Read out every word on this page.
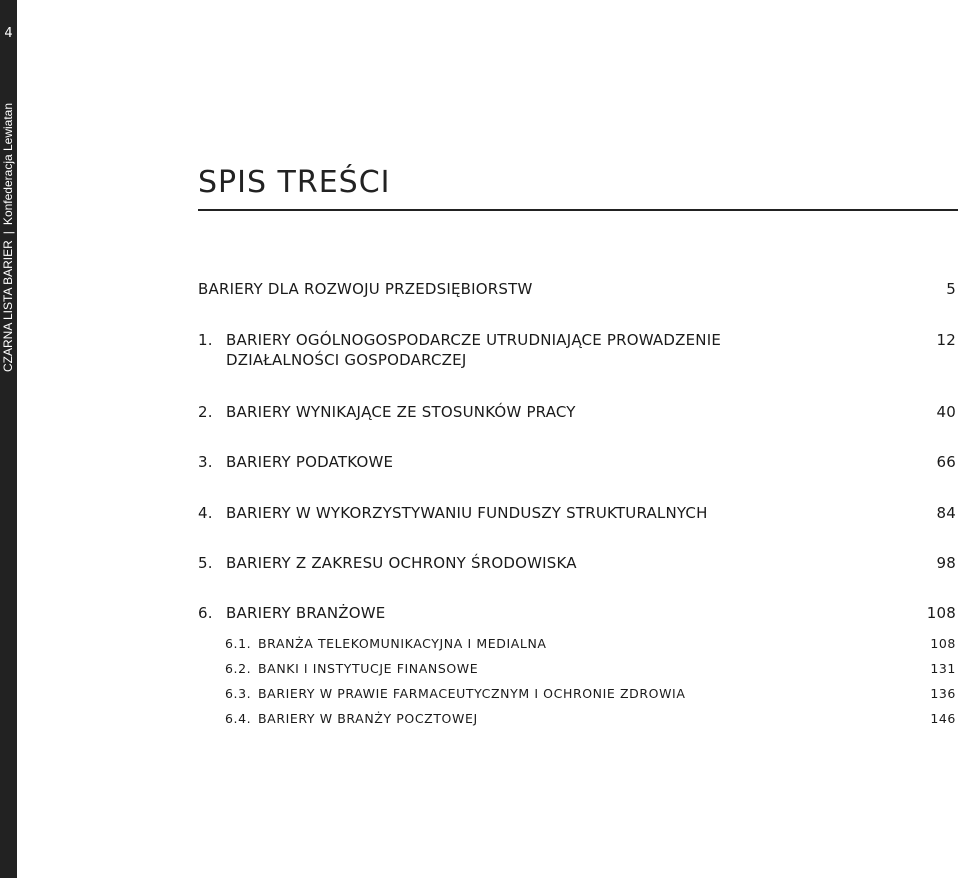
4
CZARNA LISTA BARIER|Konfederacja Lewiatan	SPIS TREŚCI
BARIERY DLA ROZWOJU PRZEDSIĘBIORSTW	5
1. BARIERY OGÓLNOGOSPODARCZE UTRUDNIAJĄCE PROWADZENIE
DZIAŁALNOŚCI GOSPODARCZEJ
12
2. BARIERY WYNIKAJĄCE ZE STOSUNKÓW PRACY	40
3. BARIERY PODATKOWE	66
4. BARIERY W WYKORZYSTYWANIU FUNDUSZY STRUKTURALNYCH	84
5. BARIERY Z ZAKRESU OCHRONY ŚRODOWISKA	98
6. BARIERY BRANŻOWE	108
6.1. BRANŻA TELEKOMUNIKACYJNA I MEDIALNA	108
6.2. BANKI I INSTYTUCJE FINANSOWE	131
6.3. BARIERY W PRAWIE FARMACEUTYCZNYM I OCHRONIE ZDROWIA	136
6.4. BARIERY W BRANŻY POCZTOWEJ	146
